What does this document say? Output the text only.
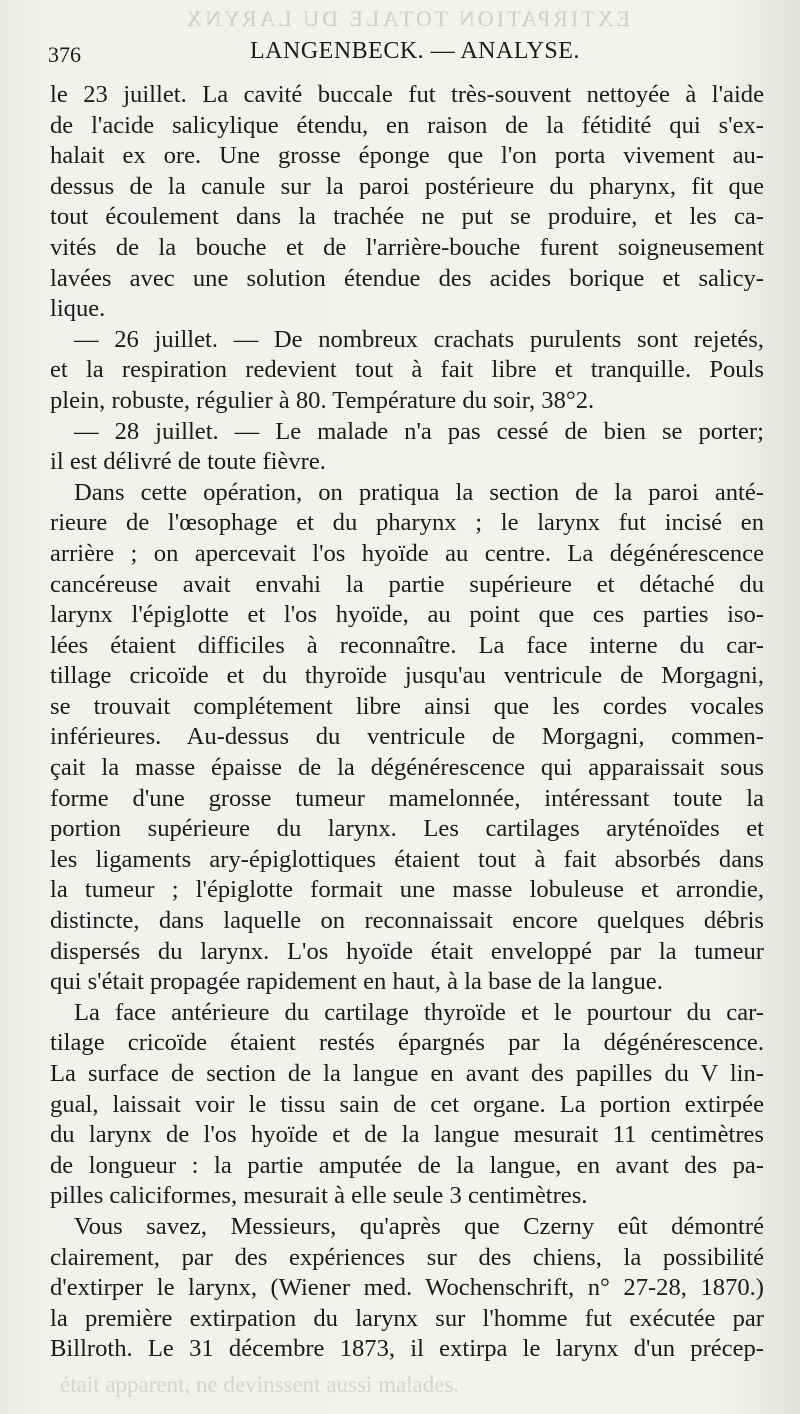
EXTIRPATION TOTALE DU LARYNX
376	LANGENBECK. — ANALYSE.
le 23 juillet. La cavité buccale fut très-souvent nettoyée à l'aide
de l'acide salicylique étendu, en raison de la fétidité qui s'ex-
halait ex ore. Une grosse éponge que l'on porta vivement au-
dessus de la canule sur la paroi postérieure du pharynx, fit que
tout écoulement dans la trachée ne put se produire, et les ca-
vités de la bouche et de l'arrière-bouche furent soigneusement
lavées avec une solution étendue des acides borique et salicy-
lique.
— 26 juillet. — De nombreux crachats purulents sont rejetés,
et la respiration redevient tout à fait libre et tranquille. Pouls
plein, robuste, régulier à 80. Température du soir, 38°2.
— 28 juillet. — Le malade n'a pas cessé de bien se porter;
il est délivré de toute fièvre.
Dans cette opération, on pratiqua la section de la paroi anté-
rieure de l'œsophage et du pharynx ; le larynx fut incisé en
arrière ; on apercevait l'os hyoïde au centre. La dégénérescence
cancéreuse avait envahi la partie supérieure et détaché du
larynx l'épiglotte et l'os hyoïde, au point que ces parties iso-
lées étaient difficiles à reconnaître. La face interne du car-
tillage cricoïde et du thyroïde jusqu'au ventricule de Morgagni,
se trouvait complétement libre ainsi que les cordes vocales
inférieures. Au-dessus du ventricule de Morgagni, commen-
çait la masse épaisse de la dégénérescence qui apparaissait sous
forme d'une grosse tumeur mamelonnée, intéressant toute la
portion supérieure du larynx. Les cartilages aryténoïdes et
les ligaments ary-épiglottiques étaient tout à fait absorbés dans
la tumeur ; l'épiglotte formait une masse lobuleuse et arrondie,
distincte, dans laquelle on reconnaissait encore quelques débris
dispersés du larynx. L'os hyoïde était enveloppé par la tumeur
qui s'était propagée rapidement en haut, à la base de la langue.
La face antérieure du cartilage thyroïde et le pourtour du car-
tilage cricoïde étaient restés épargnés par la dégénérescence.
La surface de section de la langue en avant des papilles du V lin-
gual, laissait voir le tissu sain de cet organe. La portion extirpée
du larynx de l'os hyoïde et de la langue mesurait 11 centimètres
de longueur : la partie amputée de la langue, en avant des pa-
pilles caliciformes, mesurait à elle seule 3 centimètres.
Vous savez, Messieurs, qu'après que Czerny eût démontré
clairement, par des expériences sur des chiens, la possibilité
d'extirper le larynx, (Wiener med. Wochenschrift, n° 27-28, 1870.)
la première extirpation du larynx sur l'homme fut exécutée par
Billroth. Le 31 décembre 1873, il extirpa le larynx d'un précep-
était apparent, ne devinssent aussi malades.
